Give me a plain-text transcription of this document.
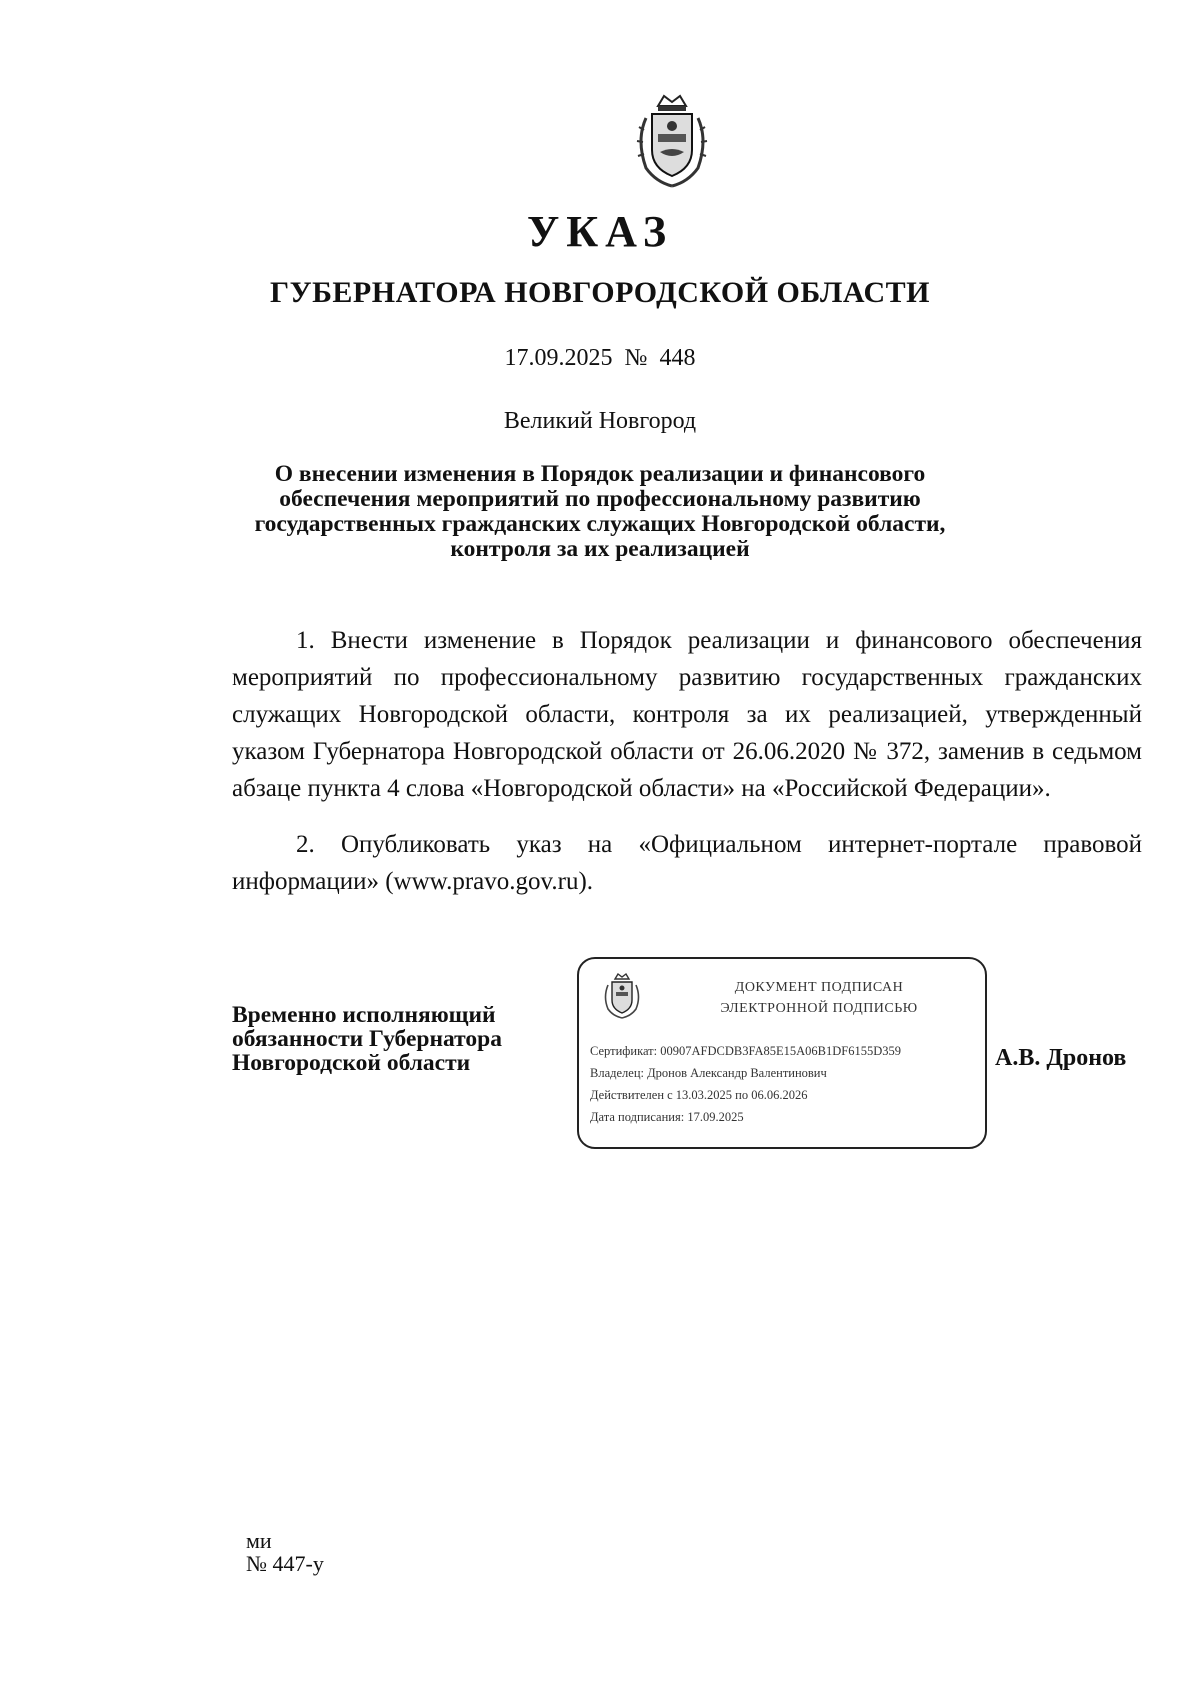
УКАЗ
ГУБЕРНАТОРА НОВГОРОДСКОЙ ОБЛАСТИ
17.09.2025 № 448
Великий Новгород
О внесении изменения в Порядок реализации и финансового
обеспечения мероприятий по профессиональному развитию
государственных гражданских служащих Новгородской области,
контроля за их реализацией
1. Внести изменение в Порядок реализации и финансового обеспечения мероприятий по профессиональному развитию государственных гражданских служащих Новгородской области, контроля за их реализацией, утвержденный указом Губернатора Новгородской области от 26.06.2020 № 372, заменив в седьмом абзаце пункта 4 слова «Новгородской области» на «Российской Федерации».
2. Опубликовать указ на «Официальном интернет-портале правовой информации» (www.pravo.gov.ru).
Временно исполняющий
обязанности Губернатора
Новгородской области
ДОКУМЕНТ ПОДПИСАН
ЭЛЕКТРОННОЙ ПОДПИСЬЮ
Сертификат: 00907AFDCDB3FA85E15A06B1DF6155D359
Владелец: Дронов Александр Валентинович
Действителен с 13.03.2025 по 06.06.2026
Дата подписания: 17.09.2025
А.В. Дронов
ми
№ 447-у
